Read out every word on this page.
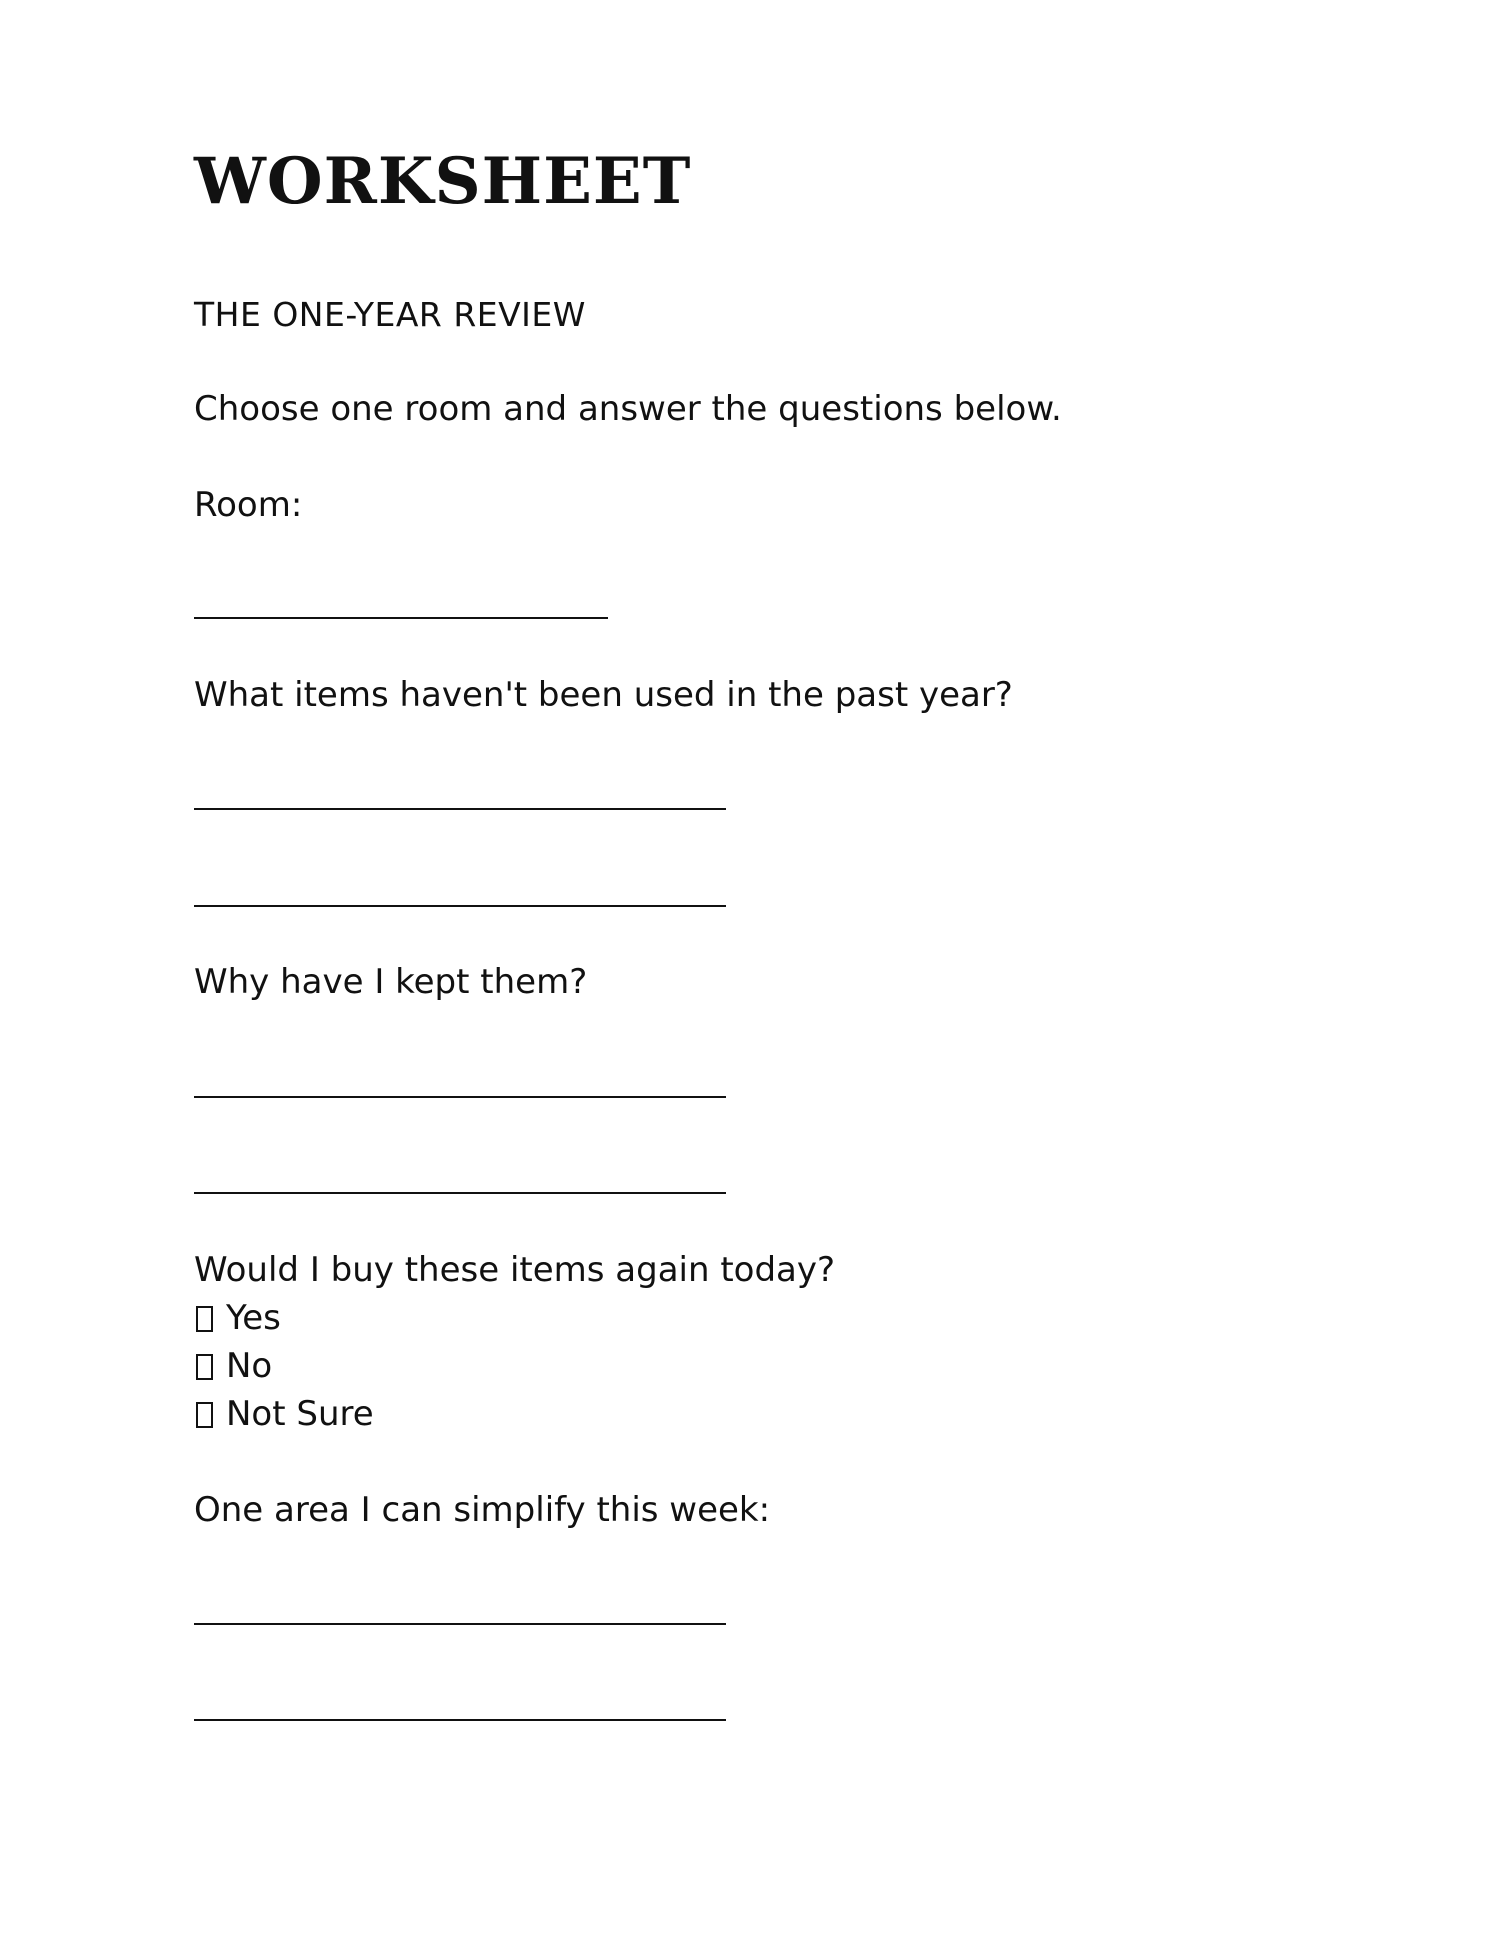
WORKSHEET
THE ONE-YEAR REVIEW
Choose one room and answer the questions below.
Room:
What items haven't been used in the past year?
Why have I kept them?
Would I buy these items again today?
Yes
No
Not Sure
One area I can simplify this week:
